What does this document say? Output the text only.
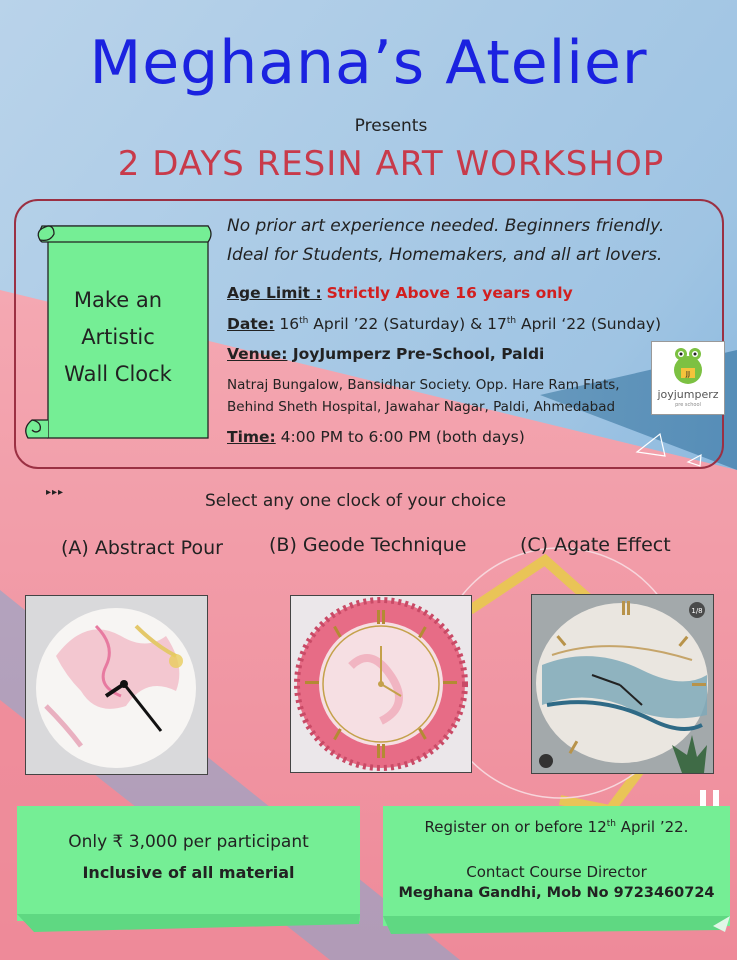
Meghana’s Atelier
Presents
2 DAYS RESIN ART WORKSHOP
Make an
Artistic
Wall Clock
No prior art experience needed. Beginners friendly.
Ideal for Students, Homemakers, and all art lovers.
Age Limit : Strictly Above 16 years only
Date: 16th April ’22 (Saturday) & 17th April ‘22 (Sunday)
Venue: JoyJumperz Pre-School, Paldi
Natraj Bungalow, Bansidhar Society. Opp. Hare Ram Flats,
Behind Sheth Hospital, Jawahar Nagar, Paldi, Ahmedabad
Time: 4:00 PM to 6:00 PM (both days)
JJ
joyjumperz
pre school
▸▸▸	Select any one clock of your choice
(A) Abstract Pour (B) Geode Technique	(C) Agate Effect
1/8
Only ₹ 3,000 per participant
Inclusive of all material
Register on or before 12th April ’22.
Contact Course Director
Meghana Gandhi, Mob No 9723460724
